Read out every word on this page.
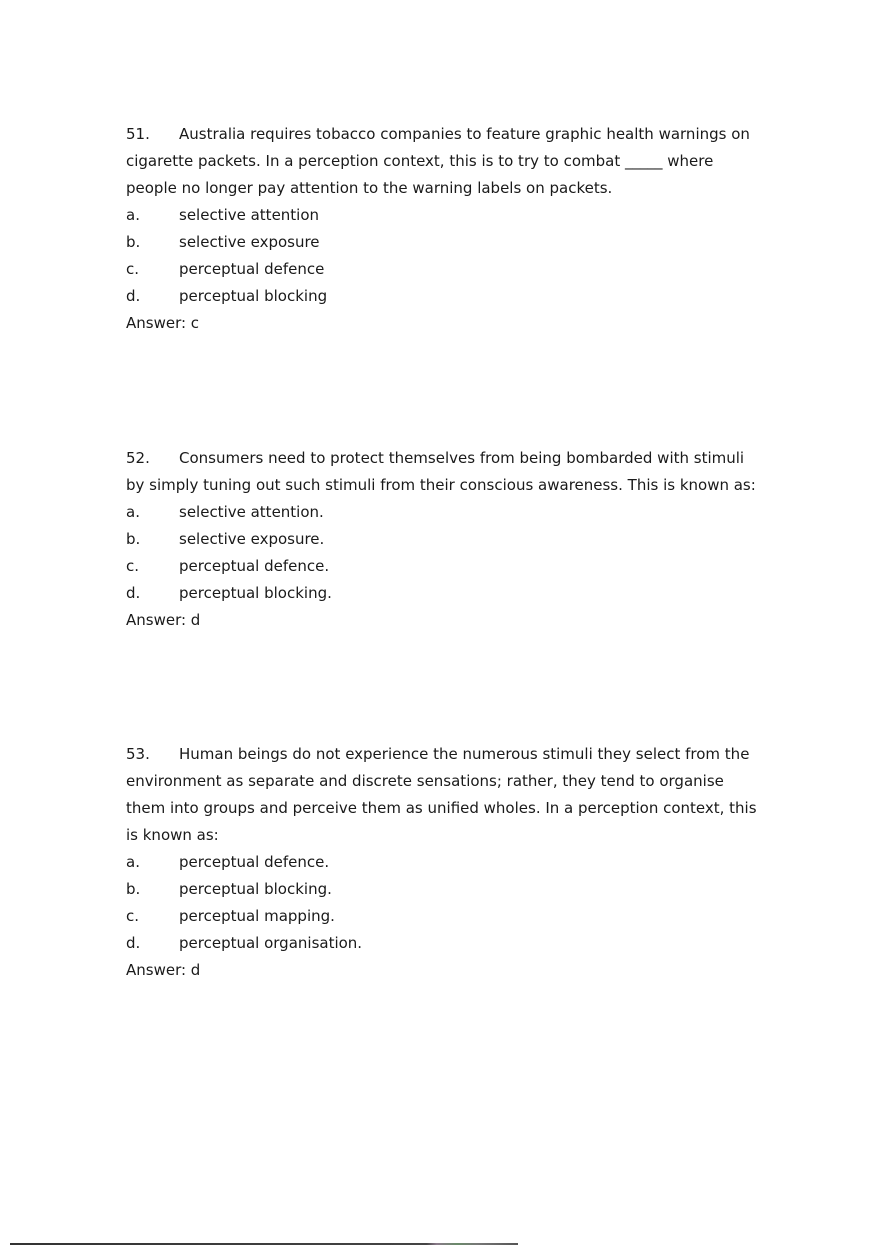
51. Australia requires tobacco companies to feature graphic health warnings on
cigarette packets. In a perception context, this is to try to combat _____ where
people no longer pay attention to the warning labels on packets.
a.	selective attention
b.	selective exposure
c.	perceptual defence
d.	perceptual blocking
Answer: c
52. Consumers need to protect themselves from being bombarded with stimuli
by simply tuning out such stimuli from their conscious awareness. This is known as:
a.	selective attention.
b.	selective exposure.
c.	perceptual defence.
d.	perceptual blocking.
Answer: d
53. Human beings do not experience the numerous stimuli they select from the
environment as separate and discrete sensations; rather, they tend to organise
them into groups and perceive them as unified wholes. In a perception context, this
is known as:
a.	perceptual defence.
b.	perceptual blocking.
c.	perceptual mapping.
d.	perceptual organisation.
Answer: d
